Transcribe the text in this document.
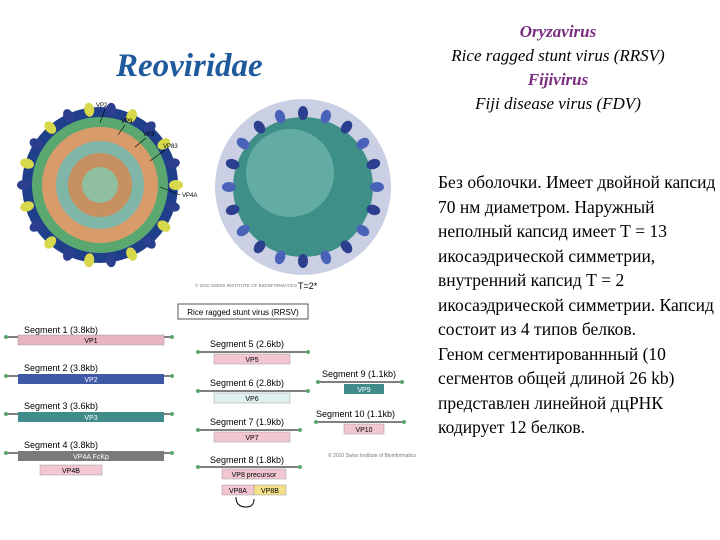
Reoviridae
Oryzavirus
Rice ragged stunt virus (RRSV)
Fijivirus
Fiji disease virus (FDV)

Без оболочки. Имеет двойной капсид 70 нм диаметром. Наружный неполный капсид имеет Т = 13 икосаэдрической симметрии, внутренний капсид Т = 2 икосаэдрической симметрии. Капсид состоит из 4 типов белков.

Геном сегментированнный (10 сегментов общей длиной 26 kb) представлен линейной дцРНК кодирует 12 белков.

VP2
VP9
VP3
VP83
VP4A
© 2010 SWISS INSTITUTE OF BIOINFORMATICS T=2*
Rice ragged stunt virus (RRSV)
Segment 1 (3.8kb)
VP1
Segment 2 (3.8kb)
VP2
Segment 3 (3.6kb)
VP3
Segment 4 (3.8kb)
VP4A FcKp
VP4B
Segment 5 (2.6kb)
VP5
Segment 6 (2.8kb)
VP6
Segment 7 (1.9kb)
VP7
Segment 8 (1.8kb)
VP8 precursor
VP8A VP8B
Segment 9 (1.1kb)
VP9
Segment 10 (1.1kb)
VP10
© 2010 Swiss Institute of Bioinformatics
